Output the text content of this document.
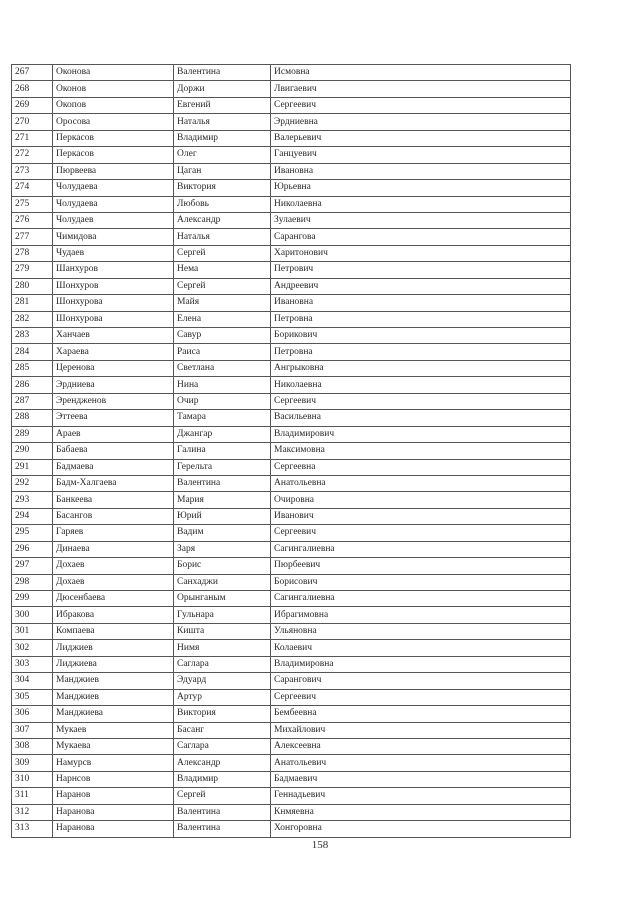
267	Оконова	Валентина	Исмовна
268	Оконов	Доржи	Лвигаевич
269	Окопов	Евгений	Сергеевич
270	Оросова	Наталья	Эрдниевна
271	Перкасов	Владимир	Валерьевич
272	Перкасов	Олег	Ганцуевич
273	Пюрвеева	Цаган	Ивановна
274	Чолудаева	Виктория	Юрьевна
275	Чолудаева	Любовь	Николаевна
276	Чолудаев	Александр	Зулаевич
277	Чимидова	Наталья	Сарангова
278	Чудаев	Сергей	Харитонович
279	Шанхуров	Нема	Петрович
280	Шонхуров	Сергей	Андреевич
281	Шонхурова	Майя	Ивановна
282	Шонхурова	Елена	Петровна
283	Ханчаев	Савур	Борикович
284	Хараева	Раиса	Петровна
285	Церенова	Светлана	Ангрыковна
286	Эрдниева	Нина	Николаевна
287	Эрендженов	Очир	Сергеевич
288	Эттеева	Тамара	Васильевна
289	Араев	Джангар	Владимирович
290	Бабаева	Галина	Максимовна
291	Бадмаева	Герельта	Сергеевна
292	Бадм-Халгаева	Валентина	Анатольевна
293	Банкеева	Мария	Очировна
294	Басангов	Юрий	Иванович
295	Гаряев	Вадим	Сергеевич
296	Динаева	Заря	Сагингалиевна
297	Дохаев	Борис	Пюрбеевич
298	Дохаев	Санхаджи	Борисович
299	Дюсенбаева	Орынганым	Сагингалиевна
300	Ибракова	Гульнара	Ибрагимовна
301	Компаева	Кишта	Ульяновна
302	Лиджиев	Нимя	Колаевич
303	Лиджиева	Саглара	Владимировна
304	Манджиев	Эдуард	Сарангович
305	Манджиев	Артур	Сергеевич
306	Манджиева	Виктория	Бембеевна
307	Мукаев	Басанг	Михайлович
308	Мукаева	Саглара	Алексеевна
309	Намурсв	Александр	Анатольевич
310	Нарнсов	Владимир	Бадмаевич
311	Наранов	Сергей	Геннадьевич
312	Наранова	Валентина	Кнмяевна
313	Наранова	Валентина	Хонгоровна
158
